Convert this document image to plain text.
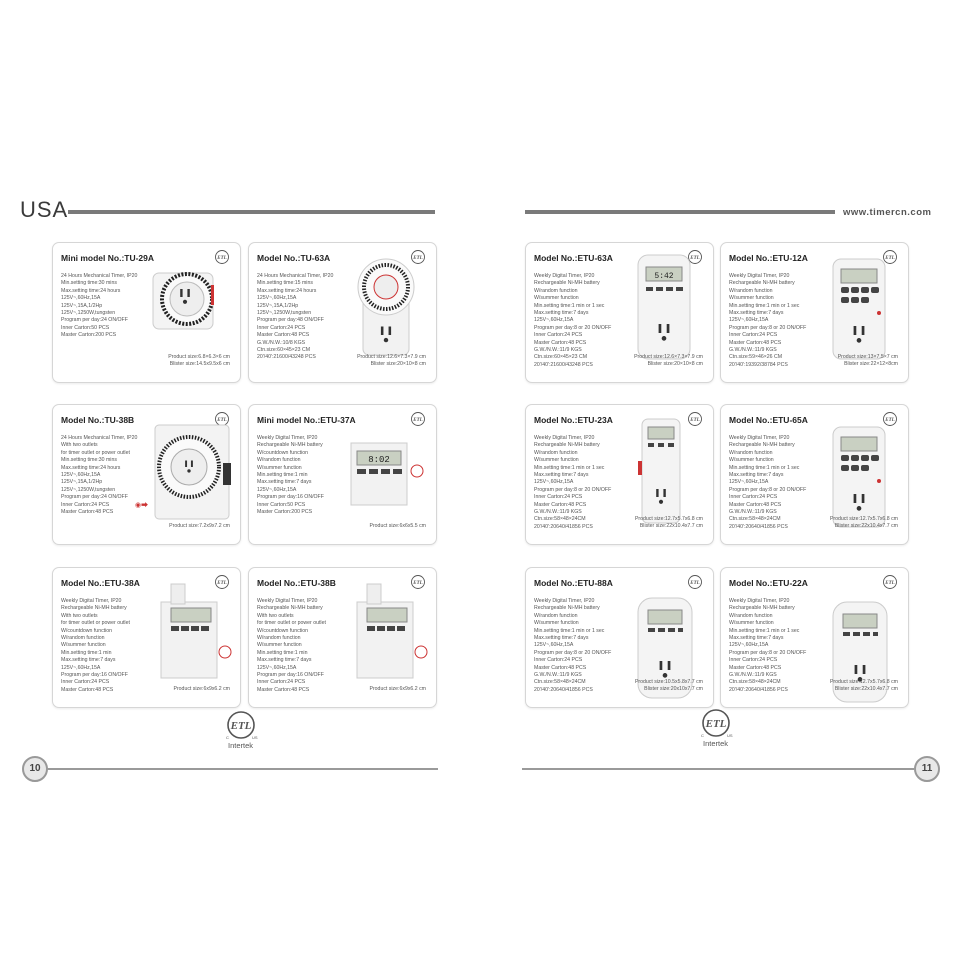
USA	www.timercn.com
Mini model No.:TU-29A	ETL
24 Hours Mechanical Timer, IP20
Min.setting time:30 mins
Max.setting time:24 hours
125V~,60Hz,15A
125V~,15A,1/2Hp
125V~,1250W,tungsten
Program per day:24 ON/OFF
Inner Carton:50 PCS
Master Carton:200 PCS
Product size:6.8×6.3×6 cm
Blister size:14.5x9.5x6 cm
Model No.:TU-63A	ETL
24 Hours Mechanical Timer, IP20
Min.setting time:15 mins
Max.setting time:24 hours
125V~,60Hz,15A
125V~,15A,1/2Hp
125V~,1250W,tungsten
Program per day:48 ON/OFF
Inner Carton:24 PCS
Master Carton:48 PCS
G.W./N.W.:10/8 KGS
Ctn.size:60×45×23 CM
20'/40':21600/43248 PCS	Product size:12.6×7.3×7.9 cm
Blister size:20×10×8 cm
Model No.:TU-38B	ETL
24 Hours Mechanical Timer, IP20
With two outlets
for timer outlet or power outlet
Min.setting time:30 mins
Max.setting time:24 hours
125V~,60Hz,15A
125V~,15A,1/2Hp
125V~,1250W,tungsten
Program per day:24 ON/OFF
Inner Carton:24 PCS
Master Carton:48 PCS
◉⮕
Product size:7.2x9x7.2 cm
Mini model No.:ETU-37A	ETL
Weekly Digital Timer, IP20
Rechargeable Ni-MH battery
W/countdown function
W/random function
W/summer function
Min.setting time:1 min
Max.setting time:7 days
125V~,60Hz,15A
Program per day:16 ON/OFF
Inner Carton:50 PCS
Master Carton:200 PCS
8:02
Product size:6x6x5.5 cm
Model No.:ETU-38A	ETL
Weekly Digital Timer, IP20
Rechargeable Ni-MH battery
With two outlets
for timer outlet or power outlet
W/countdown function
W/random function
W/summer function
Min.setting time:1 min
Max.setting time:7 days
125V~,60Hz,15A
Program per day:16 ON/OFF
Inner Carton:24 PCS
Master Carton:48 PCS	Product size:6x9x6.2 cm
Model No.:ETU-38B	ETL
Weekly Digital Timer, IP20
Rechargeable Ni-MH battery
With two outlets
for timer outlet or power outlet
W/countdown function
W/random function
W/summer function
Min.setting time:1 min
Max.setting time:7 days
125V~,60Hz,15A
Program per day:16 ON/OFF
Inner Carton:24 PCS
Master Carton:48 PCS	Product size:6x9x6.2 cm
Model No.:ETU-63A	ETL
Weekly Digital Timer, IP20
Rechargeable Ni-MH battery
W/random function
W/summer function
Min.setting time:1 min or 1 sec
Max.setting time:7 days
125V~,60Hz,15A
Program per day:8 or 20 ON/OFF
Inner Carton:24 PCS
Master Carton:48 PCS
G.W./N.W.:11/9 KGS
Ctn.size:60×45×23 CM
20'/40':21600/43248 PCS
5:42
Product size:12.6×7.3×7.9 cm
Blister size:20×10×8 cm
Model No.:ETU-12A	ETL
Weekly Digital Timer, IP20
Rechargeable Ni-MH battery
W/random function
W/summer function
Min.setting time:1 min or 1 sec
Max.setting time:7 days
125V~,60Hz,15A
Program per day:8 or 20 ON/OFF
Inner Carton:24 PCS
Master Carton:48 PCS
G.W./N.W.:11/9 KGS
Ctn.size:59×46×26 CM
20'/40':19392/38784 PCS
Product size:13×7.5×7 cm
Blister size:22×12×8cm
Model No.:ETU-23A	ETL
Weekly Digital Timer, IP20
Rechargeable Ni-MH battery
W/random function
W/summer function
Min.setting time:1 min or 1 sec
Max.setting time:7 days
125V~,60Hz,15A
Program per day:8 or 20 ON/OFF
Inner Carton:24 PCS
Master Carton:48 PCS
G.W./N.W.:11/9 KGS
Ctn.size:58×48×24CM
20'/40':20640/41856 PCS
Product size:12.7x5.7x6.8 cm
Blister size:22x10.4x7.7 cm
Model No.:ETU-65A	ETL
Weekly Digital Timer, IP20
Rechargeable Ni-MH battery
W/random function
W/summer function
Min.setting time:1 min or 1 sec
Max.setting time:7 days
125V~,60Hz,15A
Program per day:8 or 20 ON/OFF
Inner Carton:24 PCS
Master Carton:48 PCS
G.W./N.W.:11/9 KGS
Ctn.size:58×48×24CM
20'/40':20640/41856 PCS
Product size:12.7x5.7x6.8 cm
Blister size:22x10.4x7.7 cm
Model No.:ETU-88A	ETL
Weekly Digital Timer, IP20
Rechargeable Ni-MH battery
W/random function
W/summer function
Min.setting time:1 min or 1 sec
Max.setting time:7 days
125V~,60Hz,15A
Program per day:8 or 20 ON/OFF
Inner Carton:24 PCS
Master Carton:48 PCS
G.W./N.W.:11/9 KGS
Ctn.size:58×48×24CM
20'/40':20640/41856 PCS
Product size:10.5x5.8x7.7 cm
Blister size:20x10x7.7 cm
Model No.:ETU-22A	ETL
Weekly Digital Timer, IP20
Rechargeable Ni-MH battery
W/random function
W/summer function
Min.setting time:1 min or 1 sec
Max.setting time:7 days
125V~,60Hz,15A
Program per day:8 or 20 ON/OFF
Inner Carton:24 PCS
Master Carton:48 PCS
G.W./N.W.:11/9 KGS
Ctn.size:58×48×24CM
20'/40':20640/41856 PCS
Product size:12.7x5.7x6.8 cm
Blister size:22x10.4x7.7 cm
ETL
C	US
Intertek
ETL
C	US
Intertek
10	11
